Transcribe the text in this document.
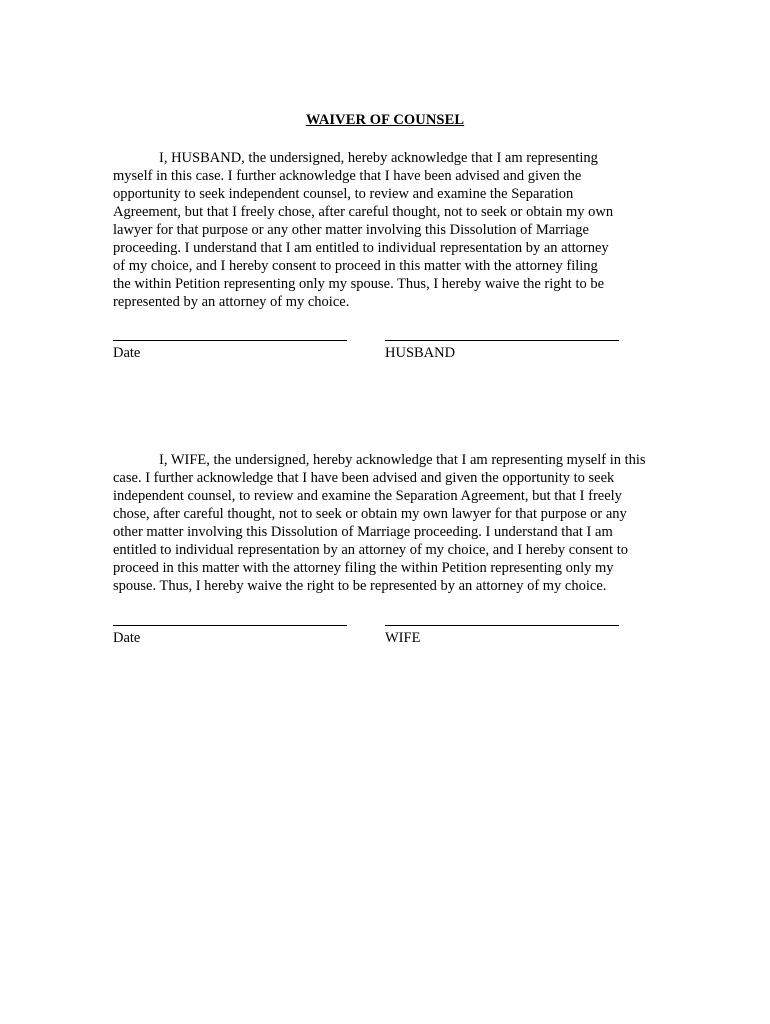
WAIVER OF COUNSEL

I, HUSBAND, the undersigned, hereby acknowledge that I am representing myself in this case. I further acknowledge that I have been advised and given the opportunity to seek independent counsel, to review and examine the Separation Agreement, but that I freely chose, after careful thought, not to seek or obtain my own lawyer for that purpose or any other matter involving this Dissolution of Marriage proceeding. I understand that I am entitled to individual representation by an attorney of my choice, and I hereby consent to proceed in this matter with the attorney filing the within Petition representing only my spouse. Thus, I hereby waive the right to be represented by an attorney of my choice.

Date	HUSBAND

I, WIFE, the undersigned, hereby acknowledge that I am representing myself in this case. I further acknowledge that I have been advised and given the opportunity to seek independent counsel, to review and examine the Separation Agreement, but that I freely chose, after careful thought, not to seek or obtain my own lawyer for that purpose or any other matter involving this Dissolution of Marriage proceeding. I understand that I am entitled to individual representation by an attorney of my choice, and I hereby consent to proceed in this matter with the attorney filing the within Petition representing only my spouse. Thus, I hereby waive the right to be represented by an attorney of my choice.

Date	WIFE
